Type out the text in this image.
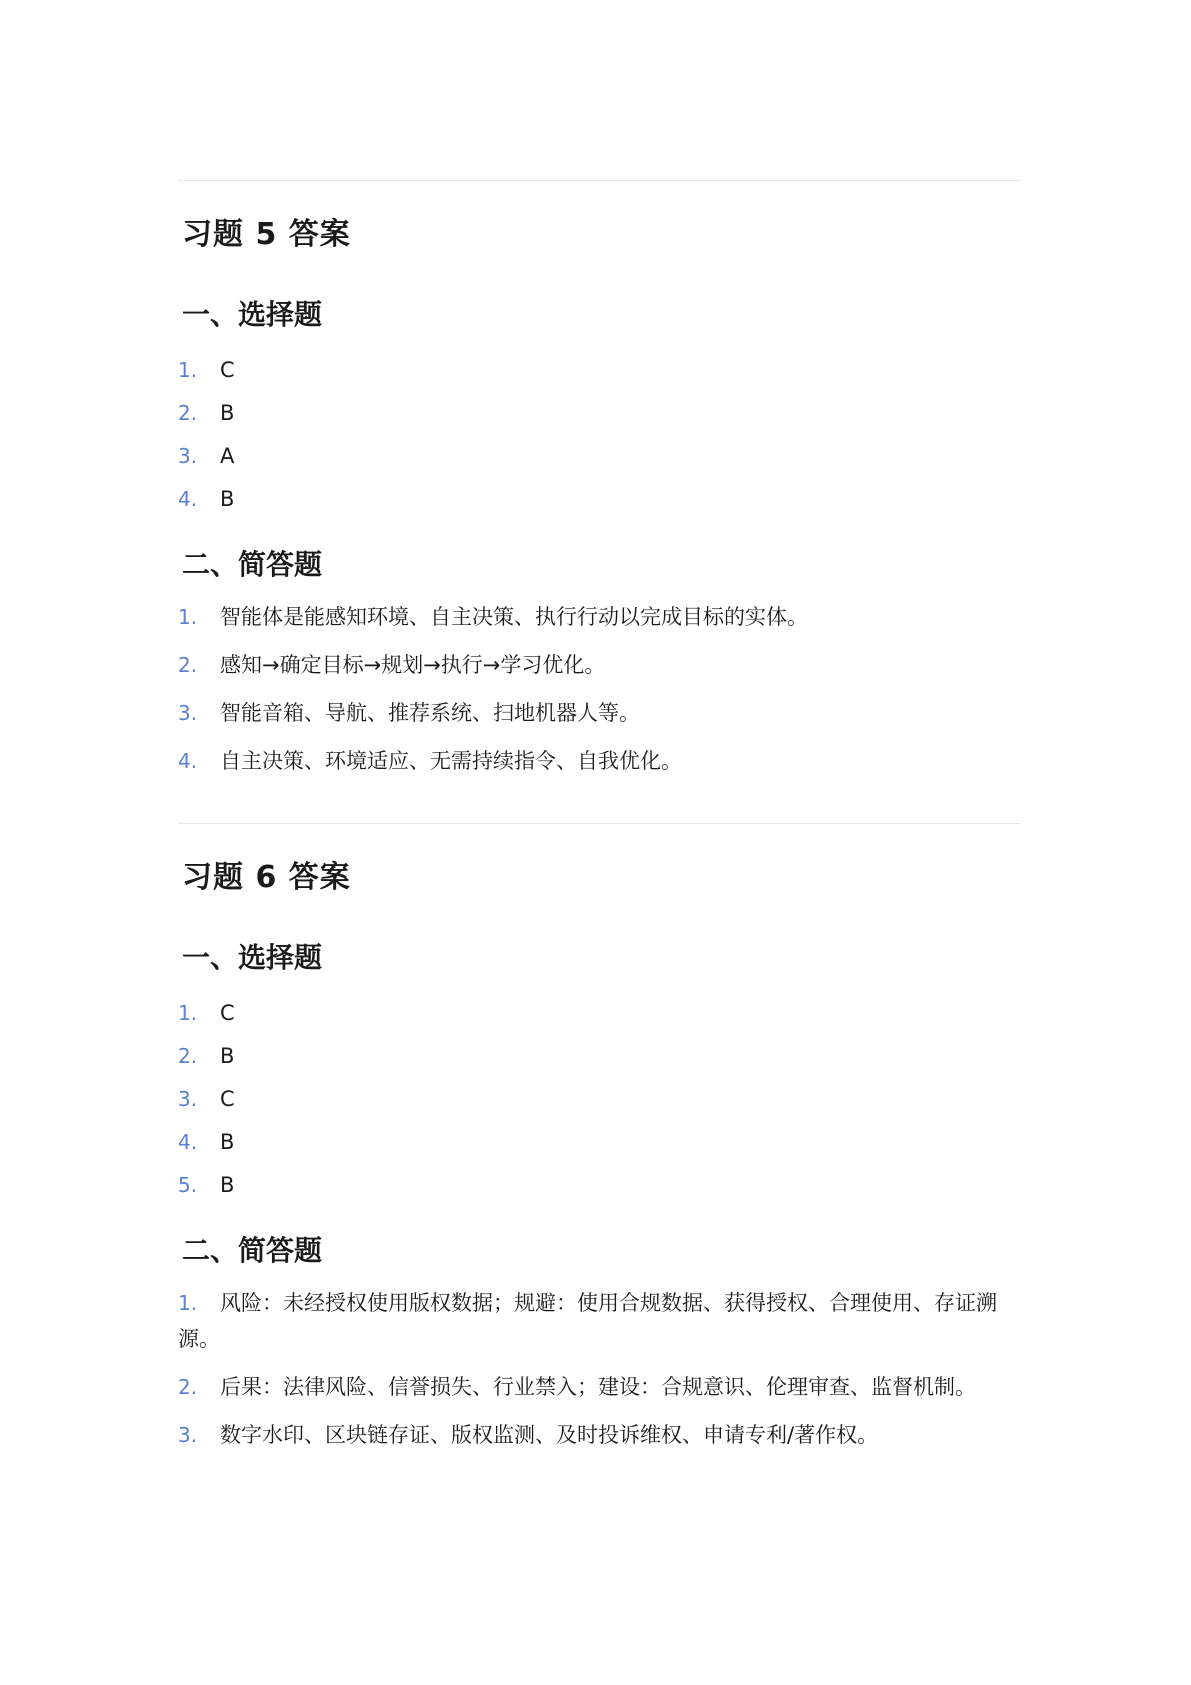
习题 5 答案
一、选择题
1.	C
2.	B
3.	A
4.	B
二、简答题
1. 智能体是能感知环境、自主决策、执行行动以完成目标的实体。
2. 感知→确定目标→规划→执行→学习优化。
3. 智能音箱、导航、推荐系统、扫地机器人等。
4. 自主决策、环境适应、无需持续指令、自我优化。
习题 6 答案
一、选择题
1.	C
2.	B
3.	C
4.	B
5.	B
二、简答题
1. 风险：未经授权使用版权数据；规避：使用合规数据、获得授权、合理使用、存证溯源。
2. 后果：法律风险、信誉损失、行业禁入；建设：合规意识、伦理审查、监督机制。
3. 数字水印、区块链存证、版权监测、及时投诉维权、申请专利/著作权。
